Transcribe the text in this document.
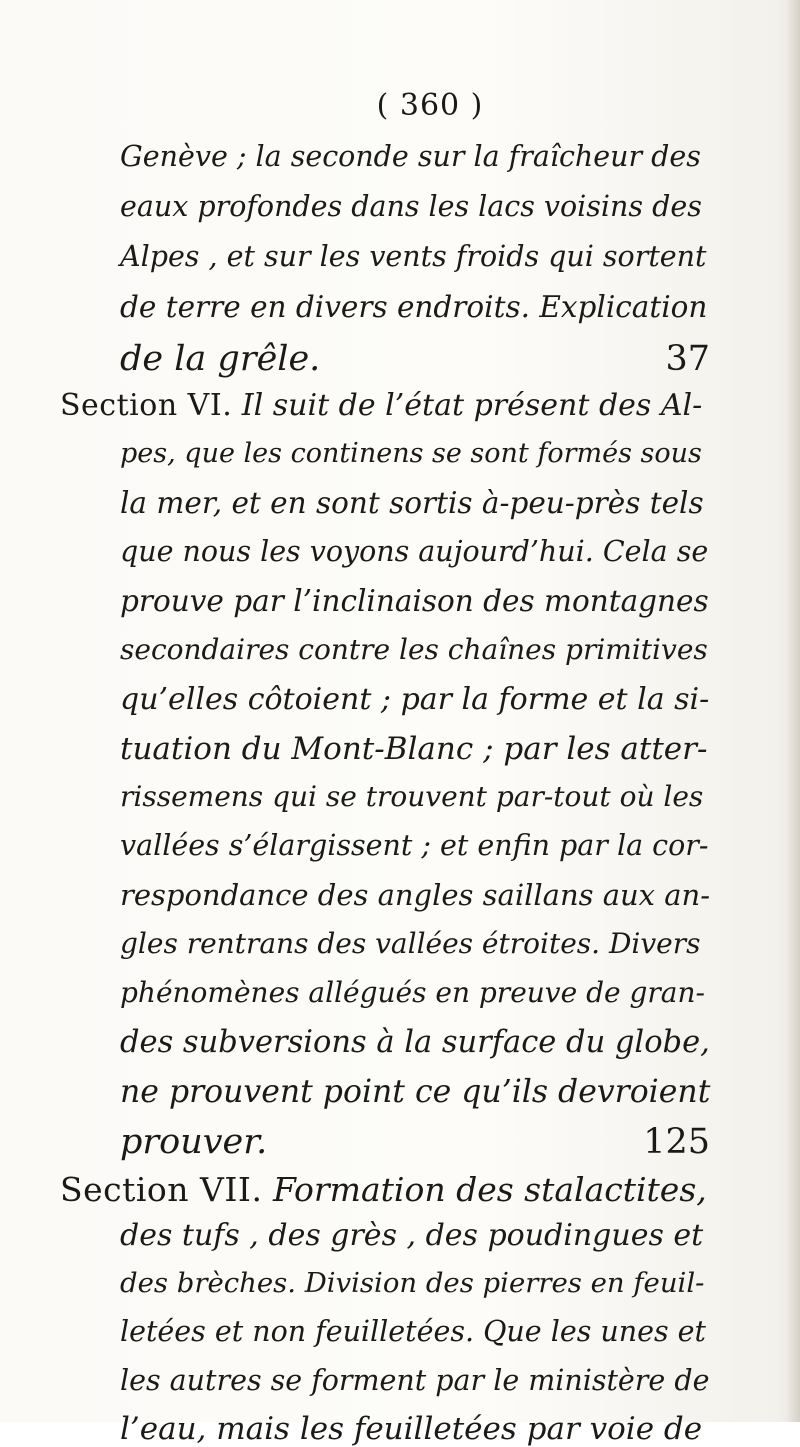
( 360 )
Genève ; la seconde sur la fraîcheur des
eaux profondes dans les lacs voisins des
Alpes , et sur les vents froids qui sortent
de terre en divers endroits. Explication
de la grêle.	37
Section VI. Il suit de l’état présent des Al-
pes, que les continens se sont formés sous
la mer, et en sont sortis à-peu-près tels
que nous les voyons aujourd’hui. Cela se
prouve par l’inclinaison des montagnes
secondaires contre les chaînes primitives
qu’elles côtoient ; par la forme et la si-
tuation du Mont-Blanc ; par les atter-
rissemens qui se trouvent par-tout où les
vallées s’élargissent ; et enfin par la cor-
respondance des angles saillans aux an-
gles rentrans des vallées étroites. Divers
phénomènes allégués en preuve de gran-
des subversions à la surface du globe,
ne prouvent point ce qu’ils devroient
prouver.	125
Section VII. Formation des stalactites,
des tufs , des grès , des poudingues et
des brèches. Division des pierres en feuil-
letées et non feuilletées. Que les unes et
les autres se forment par le ministère de
l’eau, mais les feuilletées par voie de
